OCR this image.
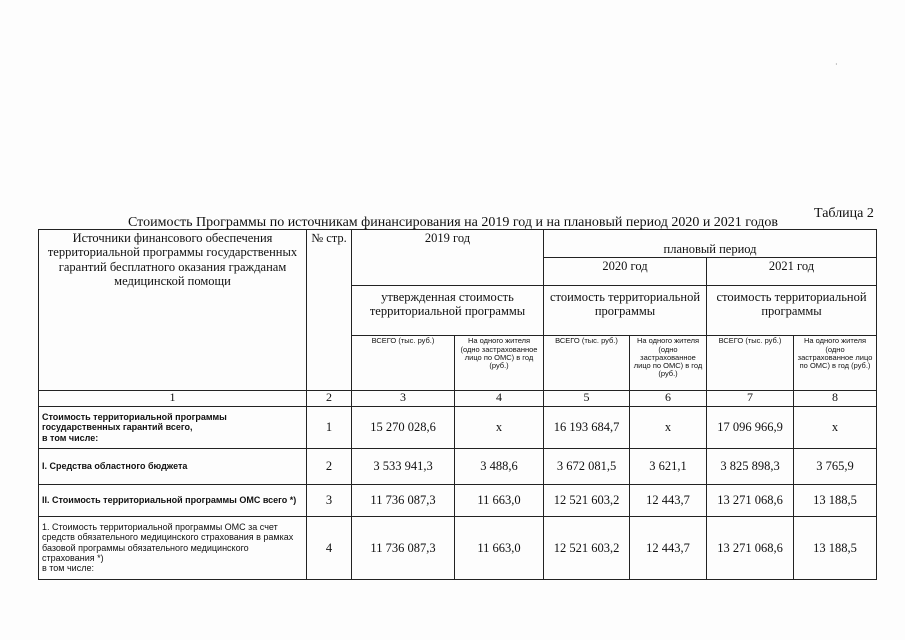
·
Таблица 2
Стоимость Программы по источникам финансирования на 2019 год и на плановый период 2020 и 2021 годов
Источники финансового обеспечения территориальной программы государственных гарантий бесплатного оказания гражданам медицинской помощи	№ стр.	2019 год		плановый период			
				2020 год		2021 год	
		утвержденная стоимость территориальной программы		стоимость территориальной программы		стоимость территориальной программы	
		ВСЕГО (тыс. руб.)	На одного жителя (одно застрахованное лицо по ОМС) в год (руб.)	ВСЕГО (тыс. руб.)	На одного жителя (одно застрахованное лицо по ОМС) в год (руб.)	ВСЕГО (тыс. руб.)	На одного жителя (одно застрахованное лицо по ОМС) в год (руб.)
1	2	3	4	5	6	7	8

Стоимость территориальной программы государственных гарантий всего,
в том числе:	1	15 270 028,6	х	16 193 684,7	х	17 096 966,9	х

I. Средства областного бюджета	2	3 533 941,3	3 488,6	3 672 081,5	3 621,1	3 825 898,3	3 765,9

II. Стоимость территориальной программы ОМС всего *)	3	11 736 087,3	11 663,0	12 521 603,2	12 443,7	13 271 068,6	13 188,5

1. Стоимость территориальной программы ОМС за счет средств обязательного медицинского страхования в рамках базовой программы обязательного медицинского страхования *)
в том числе:	4	11 736 087,3	11 663,0	12 521 603,2	12 443,7	13 271 068,6	13 188,5
